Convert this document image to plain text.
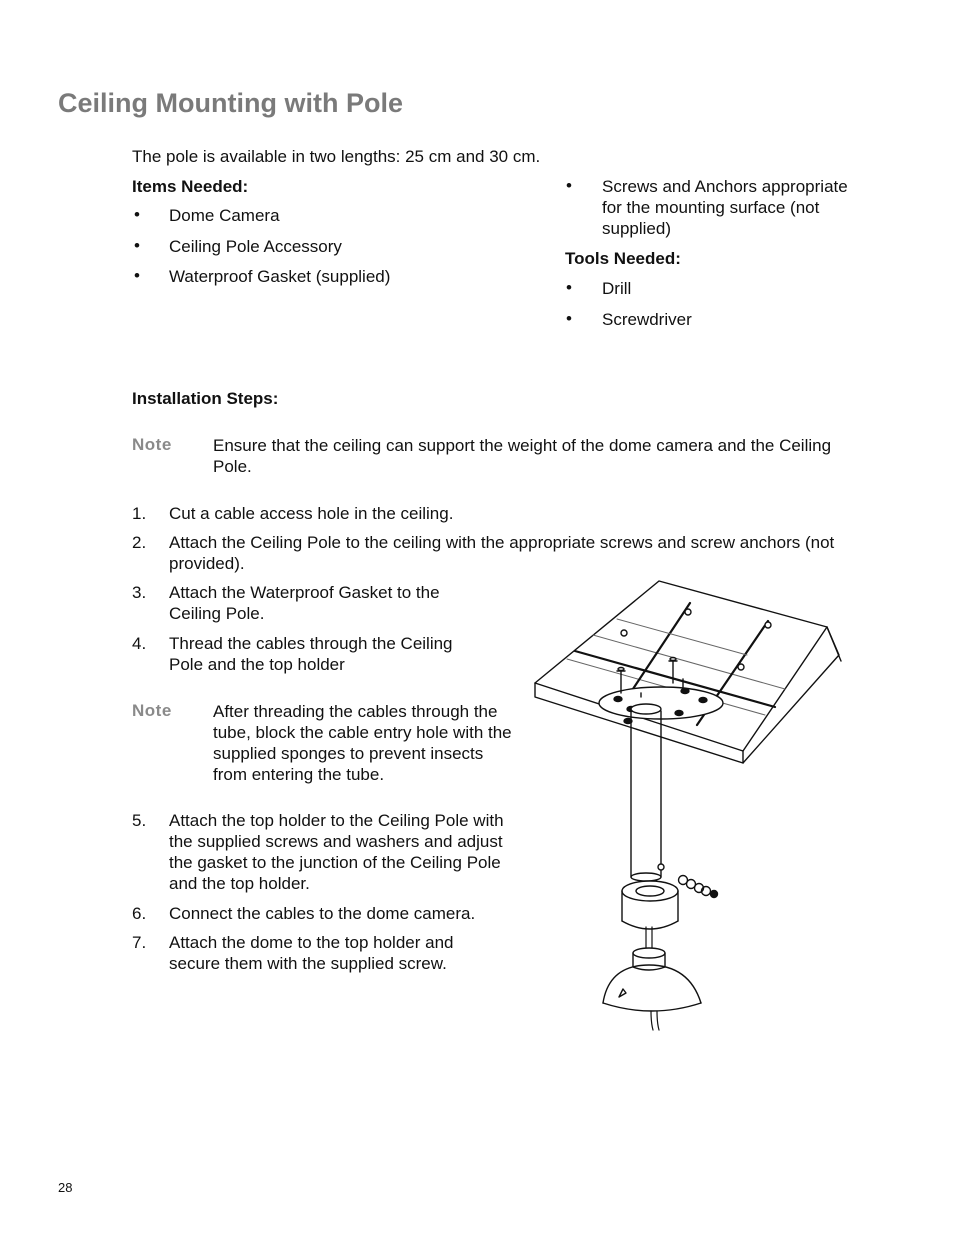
Ceiling Mounting with Pole
The pole is available in two lengths: 25 cm and 30 cm.
Items Needed:
• Dome Camera
• Ceiling Pole Accessory
• Waterproof Gasket (supplied)
• Screws and Anchors appropriate for the mounting surface (not supplied)
Tools Needed:
• Drill
• Screwdriver
Installation Steps:
Note Ensure that the ceiling can support the weight of the dome camera and the Ceiling Pole.
1. Cut a cable access hole in the ceiling.
2. Attach the Ceiling Pole to the ceiling with the appropriate screws and screw anchors (not provided).
3. Attach the Waterproof Gasket to the Ceiling Pole.
4. Thread the cables through the Ceiling Pole and the top holder
Note After threading the cables through the tube, block the cable entry hole with the supplied sponges to prevent insects from entering the tube.
5. Attach the top holder to the Ceiling Pole with the supplied screws and washers and adjust the gasket to the junction of the Ceiling Pole and the top holder.
6. Connect the cables to the dome camera.
7. Attach the dome to the top holder and secure them with the supplied screw.
28
